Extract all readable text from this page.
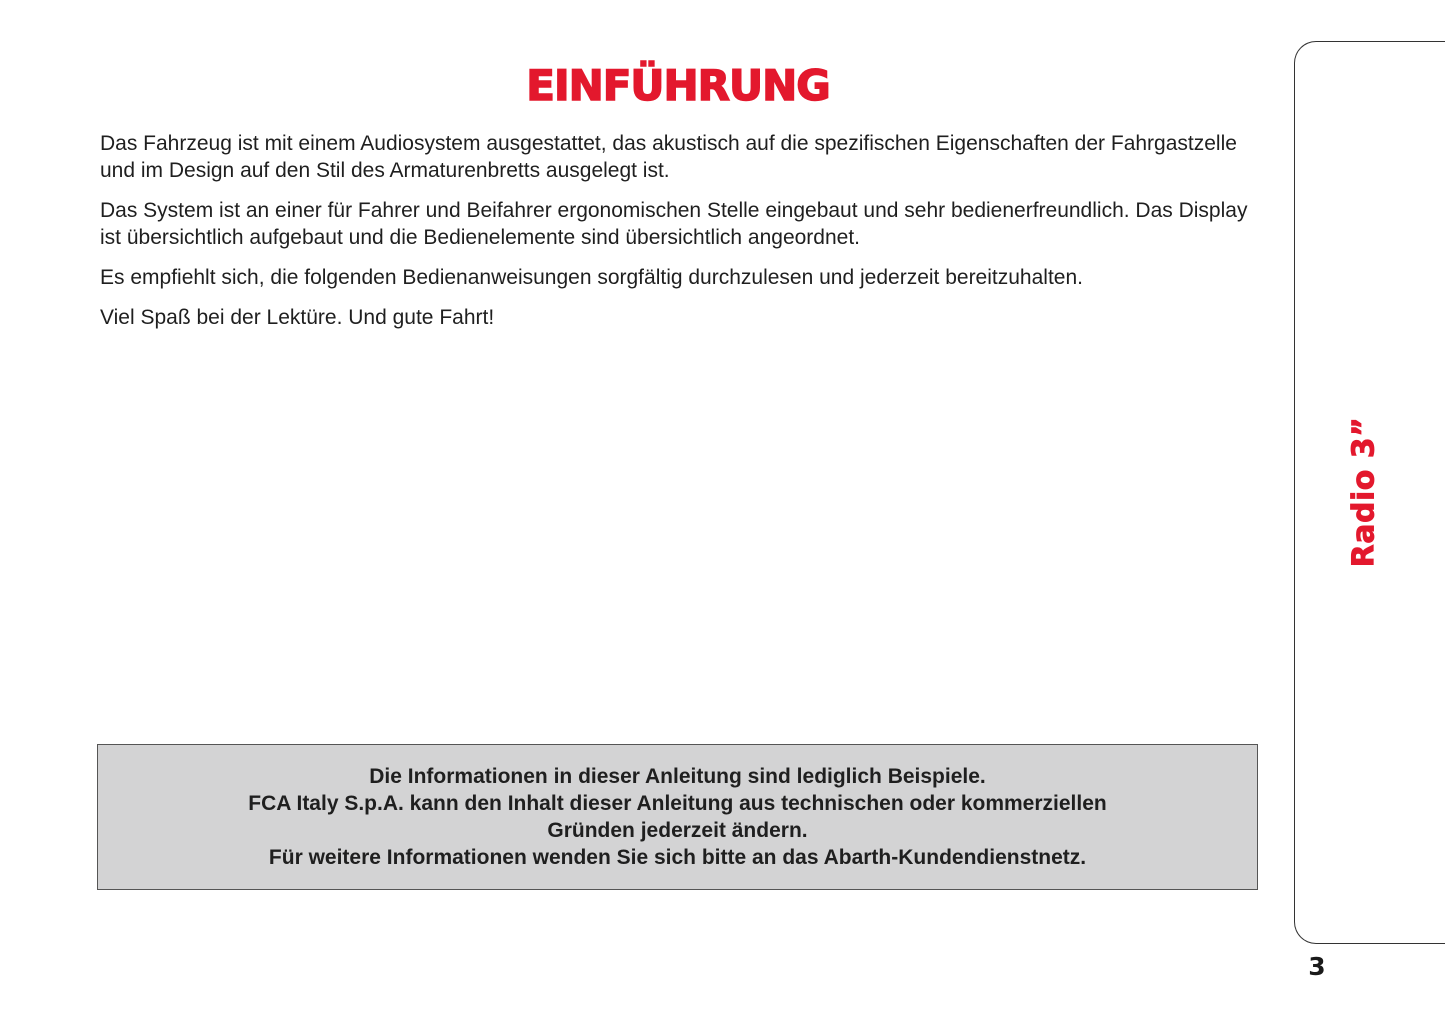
EINFÜHRUNG

Das Fahrzeug ist mit einem Audiosystem ausgestattet, das akustisch auf die spezifischen Eigenschaften der Fahrgastzelle und im Design auf den Stil des Armaturenbretts ausgelegt ist.

Das System ist an einer für Fahrer und Beifahrer ergonomischen Stelle eingebaut und sehr bedienerfreundlich. Das Display ist übersichtlich aufgebaut und die Bedienelemente sind übersichtlich angeordnet.

Es empfiehlt sich, die folgenden Bedienanweisungen sorgfältig durchzulesen und jederzeit bereitzuhalten.

Viel Spaß bei der Lektüre. Und gute Fahrt!

Die Informationen in dieser Anleitung sind lediglich Beispiele.
FCA Italy S.p.A. kann den Inhalt dieser Anleitung aus technischen oder kommerziellen
Gründen jederzeit ändern.
Für weitere Informationen wenden Sie sich bitte an das Abarth-Kundendienstnetz.
Radio 3”
3
